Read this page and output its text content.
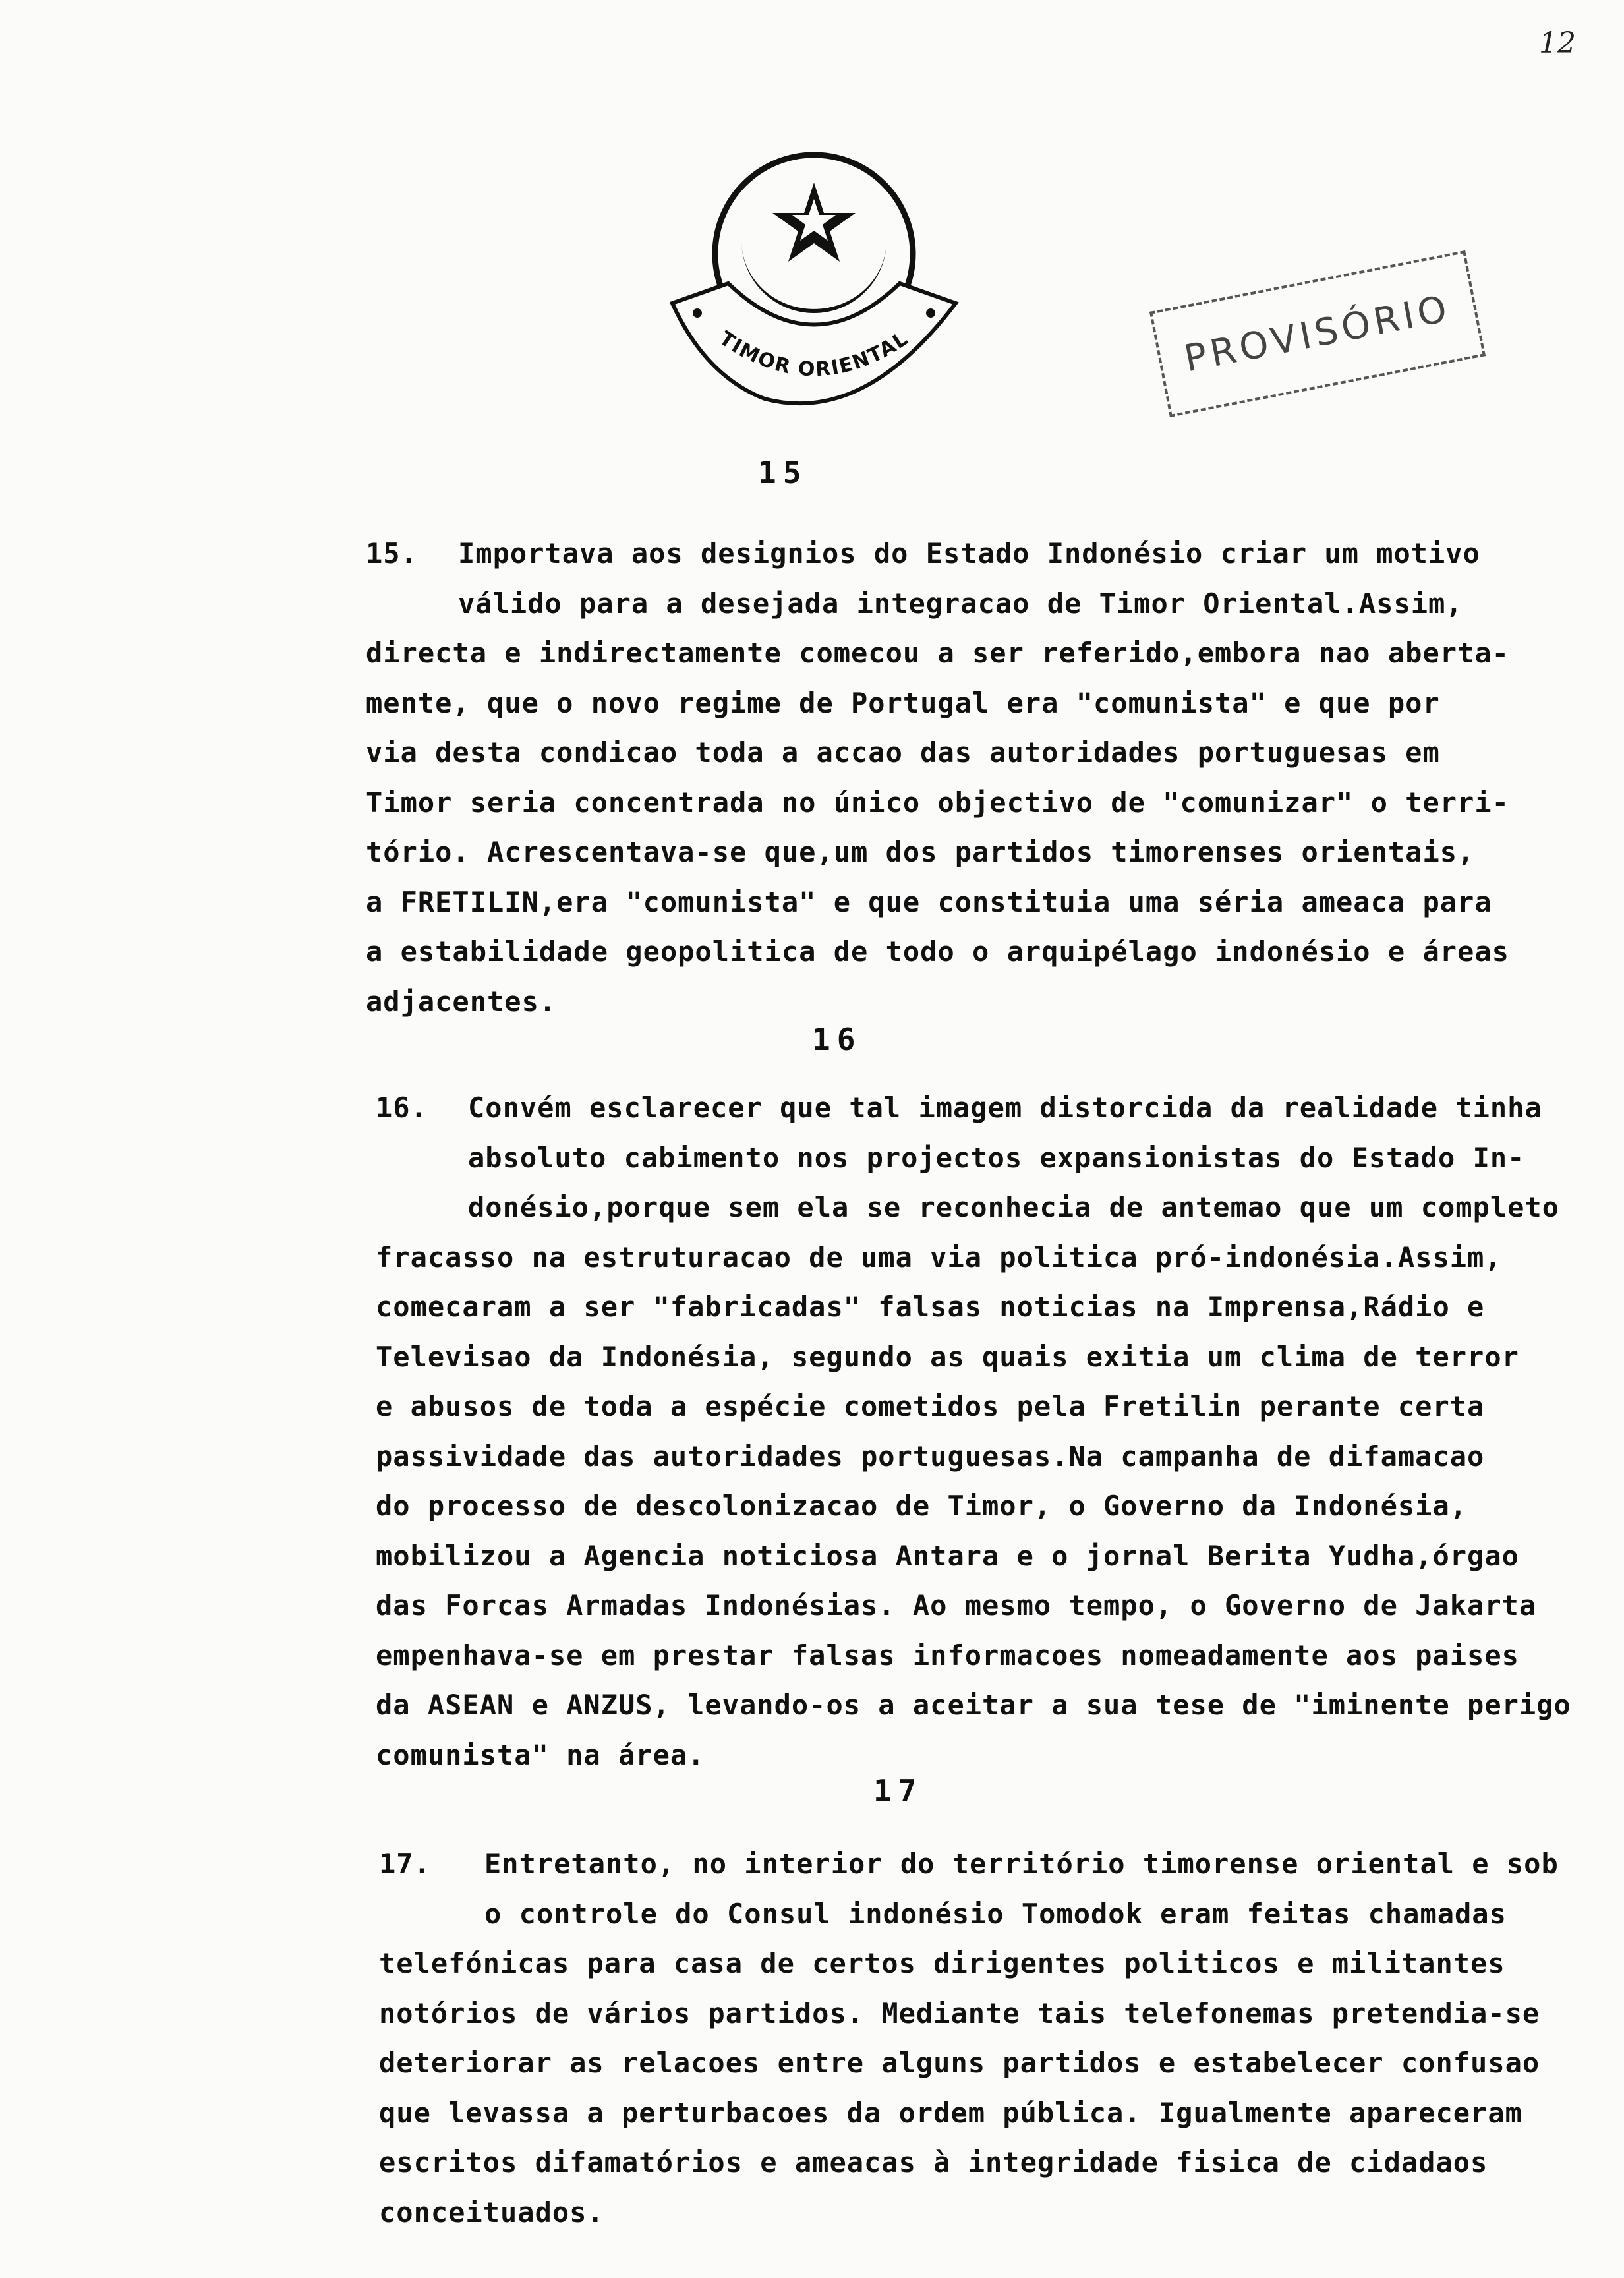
12
TIMOR ORIENTAL	PROVISÓRIO
15
15. Importava aos designios do Estado Indonésio criar um motivo
válido para a desejada integracao de Timor Oriental.Assim,
directa e indirectamente comecou a ser referido,embora nao aberta-
mente, que o novo regime de Portugal era "comunista" e que por
via desta condicao toda a accao das autoridades portuguesas em
Timor seria concentrada no único objectivo de "comunizar" o terri-
tório. Acrescentava-se que,um dos partidos timorenses orientais,
a FRETILIN,era "comunista" e que constituia uma séria ameaca para
a estabilidade geopolitica de todo o arquipélago indonésio e áreas
adjacentes.
16
16. Convém esclarecer que tal imagem distorcida da realidade tinha
absoluto cabimento nos projectos expansionistas do Estado In-
donésio,porque sem ela se reconhecia de antemao que um completo
fracasso na estruturacao de uma via politica pró-indonésia.Assim,
comecaram a ser "fabricadas" falsas noticias na Imprensa,Rádio e
Televisao da Indonésia, segundo as quais exitia um clima de terror
e abusos de toda a espécie cometidos pela Fretilin perante certa
passividade das autoridades portuguesas.Na campanha de difamacao
do processo de descolonizacao de Timor, o Governo da Indonésia,
mobilizou a Agencia noticiosa Antara e o jornal Berita Yudha,órgao
das Forcas Armadas Indonésias. Ao mesmo tempo, o Governo de Jakarta
empenhava-se em prestar falsas informacoes nomeadamente aos paises
da ASEAN e ANZUS, levando-os a aceitar a sua tese de "iminente perigo
comunista" na área.
17
17. Entretanto, no interior do território timorense oriental e sob
o controle do Consul indonésio Tomodok eram feitas chamadas
telefónicas para casa de certos dirigentes politicos e militantes
notórios de vários partidos. Mediante tais telefonemas pretendia-se
deteriorar as relacoes entre alguns partidos e estabelecer confusao
que levassa a perturbacoes da ordem pública. Igualmente apareceram
escritos difamatórios e ameacas à integridade fisica de cidadaos
conceituados.
